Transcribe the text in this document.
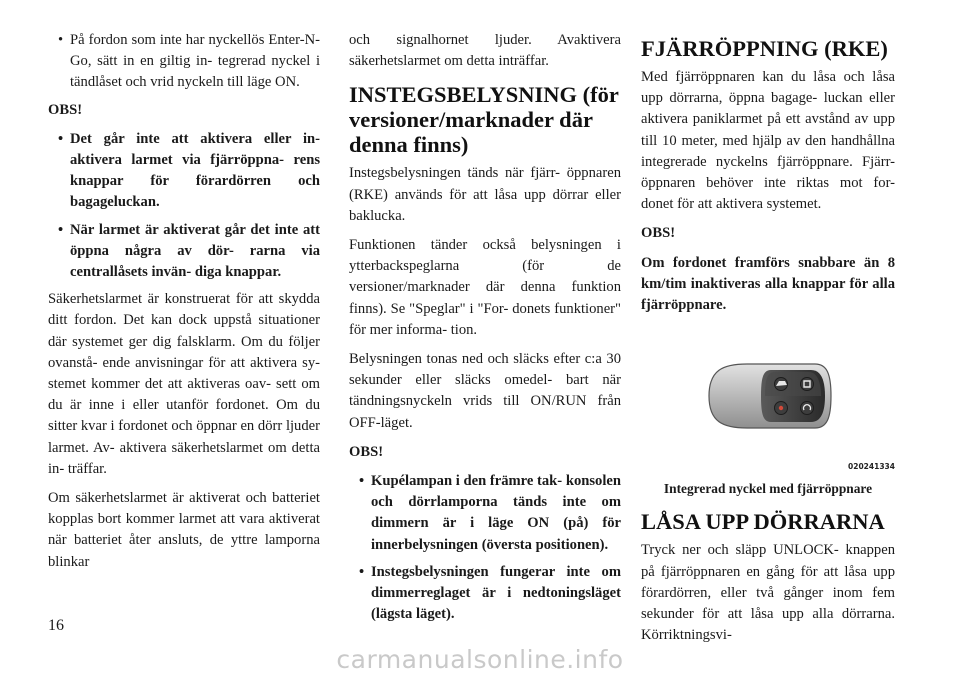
• På fordon som inte har nyckellös Enter-N-Go, sätt in en giltig in- tegrerad nyckel i tändlåset och vrid nyckeln till läge ON.
OBS!
• Det går inte att aktivera eller in- aktivera larmet via fjärröppna- rens knappar för förardörren och bagageluckan.
• När larmet är aktiverat går det inte att öppna några av dör- rarna via centrallåsets invän- diga knappar.
Säkerhetslarmet är konstruerat för att skydda ditt fordon. Det kan dock uppstå situationer där systemet ger dig falsklarm. Om du följer ovanstå- ende anvisningar för att aktivera sy- stemet kommer det att aktiveras oav- sett om du är inne i eller utanför fordonet. Om du sitter kvar i fordonet och öppnar en dörr ljuder larmet. Av- aktivera säkerhetslarmet om detta in- träffar.
Om säkerhetslarmet är aktiverat och batteriet kopplas bort kommer larmet att vara aktiverat när batteriet åter ansluts, de yttre lamporna blinkar
och signalhornet ljuder. Avaktivera säkerhetslarmet om detta inträffar.
INSTEGSBELYSNING (för versioner/marknader där denna finns)
Instegsbelysningen tänds när fjärr- öppnaren (RKE) används för att låsa upp dörrar eller baklucka.
Funktionen tänder också belysningen i ytterbackspeglarna (för de versioner/marknader där denna funktion finns). Se "Speglar" i "For- donets funktioner" för mer informa- tion.
Belysningen tonas ned och släcks efter c:a 30 sekunder eller släcks omedel- bart när tändningsnyckeln vrids till ON/RUN från OFF-läget.
OBS!
• Kupélampan i den främre tak- konsolen och dörrlamporna tänds inte om dimmern är i läge ON (på) för innerbelysningen (översta positionen).
• Instegsbelysningen fungerar inte om dimmerreglaget är i nedtoningsläget (lägsta läget).
FJÄRRÖPPNING (RKE)
Med fjärröppnaren kan du låsa och låsa upp dörrarna, öppna bagage- luckan eller aktivera paniklarmet på ett avstånd av upp till 10 meter, med hjälp av den handhållna integrerade nyckelns fjärröppnare. Fjärr- öppnaren behöver inte riktas mot for- donet för att aktivera systemet.
OBS!
Om fordonet framförs snabbare än 8 km/tim inaktiveras alla knappar för alla fjärröppnare.
020241334
Integrerad nyckel med fjärröppnare
LÅSA UPP DÖRRARNA
Tryck ner och släpp UNLOCK- knappen på fjärröppnaren en gång för att låsa upp förardörren, eller två gånger inom fem sekunder för att låsa upp alla dörrarna. Körriktningsvi-
16
carmanualsonline.info
